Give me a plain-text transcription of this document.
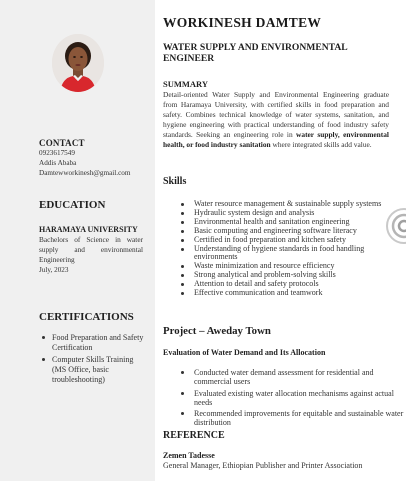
CONTACT

0923617549

Addis Ababa

Damtewworkinesh@gmail.com

EDUCATION

HARAMAYA UNIVERSITY

Bachelors of Science in water supply and environmental Engineering

July, 2023

CERTIFICATIONS

Food Preparation and Safety Certification
Computer Skills Training (MS Office, basic troubleshooting)

WORKINESH DAMTEW

WATER SUPPLY AND ENVIRONMENTAL ENGINEER

SUMMARY

Detail-oriented Water Supply and Environmental Engineering graduate from Haramaya University, with certified skills in food preparation and safety. Combines technical knowledge of water systems, sanitation, and hygiene engineering with practical understanding of food industry safety standards. Seeking an engineering role in water supply, environmental health, or food industry sanitation where integrated skills add value.

Skills

Water resource management & sustainable supply systems
Hydraulic system design and analysis
Environmental health and sanitation engineering
Basic computing and engineering software literacy
Certified in food preparation and kitchen safety
Understanding of hygiene standards in food handling environments
Waste minimization and resource efficiency
Strong analytical and problem-solving skills
Attention to detail and safety protocols
Effective communication and teamwork

Project – Aweday Town

Evaluation of Water Demand and Its Allocation

Conducted water demand assessment for residential and commercial users
Evaluated existing water allocation mechanisms against actual needs
Recommended improvements for equitable and sustainable water distribution

REFERENCE

Zemen Tadesse

General Manager, Ethiopian Publisher and Printer Association
